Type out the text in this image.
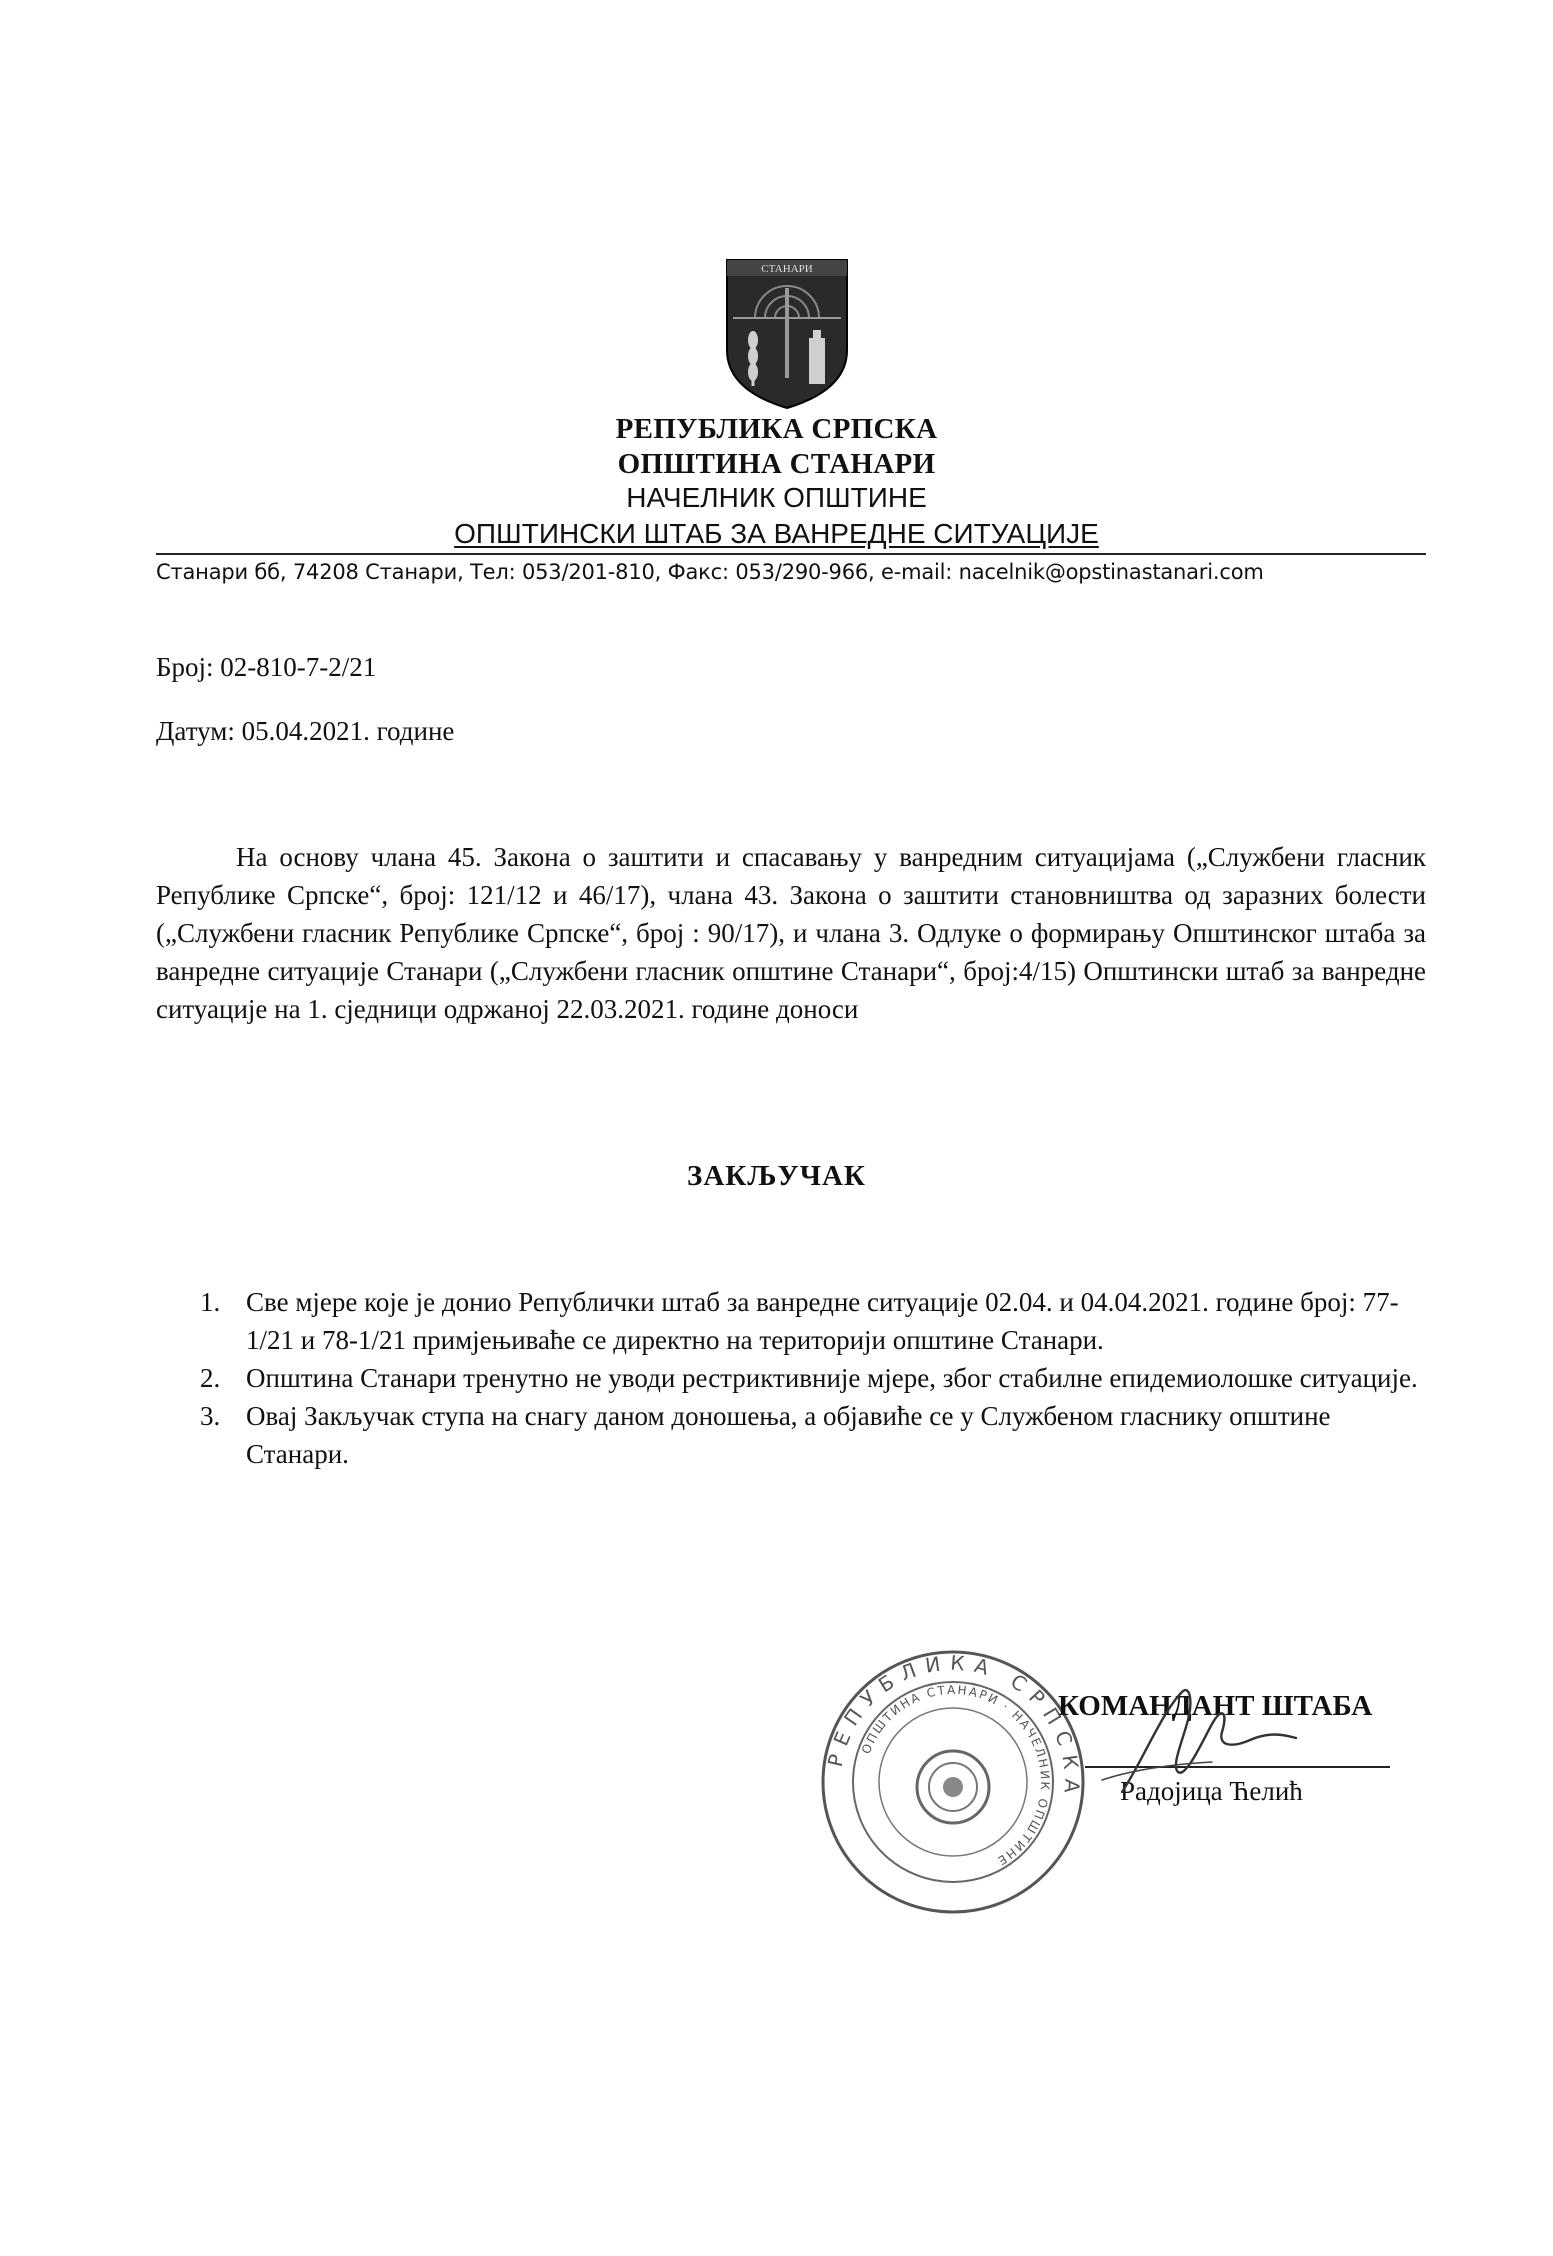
СТАНАРИ
РЕПУБЛИКА СРПСКА
ОПШТИНА СТАНАРИ
НАЧЕЛНИК ОПШТИНЕ
ОПШТИНСКИ ШТАБ ЗА ВАНРЕДНЕ СИТУАЦИЈЕ
Станари бб, 74208 Станари, Тел: 053/201-810, Факс: 053/290-966, e-mail: nacelnik@opstinastanari.com
Број: 02-810-7-2/21
Датум: 05.04.2021. године

На основу члана 45. Закона о заштити и спасавању у ванредним ситуацијама („Службени гласник Републике Српске“, број: 121/12 и 46/17), члана 43. Закона о заштити становништва од заразних болести („Службени гласник Републике Српске“, број : 90/17), и члана 3. Одлуке о формирању Општинског штаба за ванредне ситуације Станари („Службени гласник општине Станари“, број:4/15) Општински штаб за ванредне ситуације на 1. сједници одржаној 22.03.2021. године доноси

ЗАКЉУЧАК
1. Све мјере које је донио Републички штаб за ванредне ситуације 02.04. и 04.04.2021. године број: 77-1/21 и 78-1/21 примјењиваће се директно на територији општине Станари.
2. Општина Станари тренутно не уводи рестриктивније мјере, због стабилне епидемиолошке ситуације.
3. Овај Закључак ступа на снагу даном доношења, а објавиће се у Службеном гласнику општине Станари.
РЕПУБЛИКА СРПСКА
ОПШТИНА СТАНАРИ · НАЧЕЛНИК ОПШТИНЕ
КОМАНДАНТ ШТАБА
Радојица Ћелић
